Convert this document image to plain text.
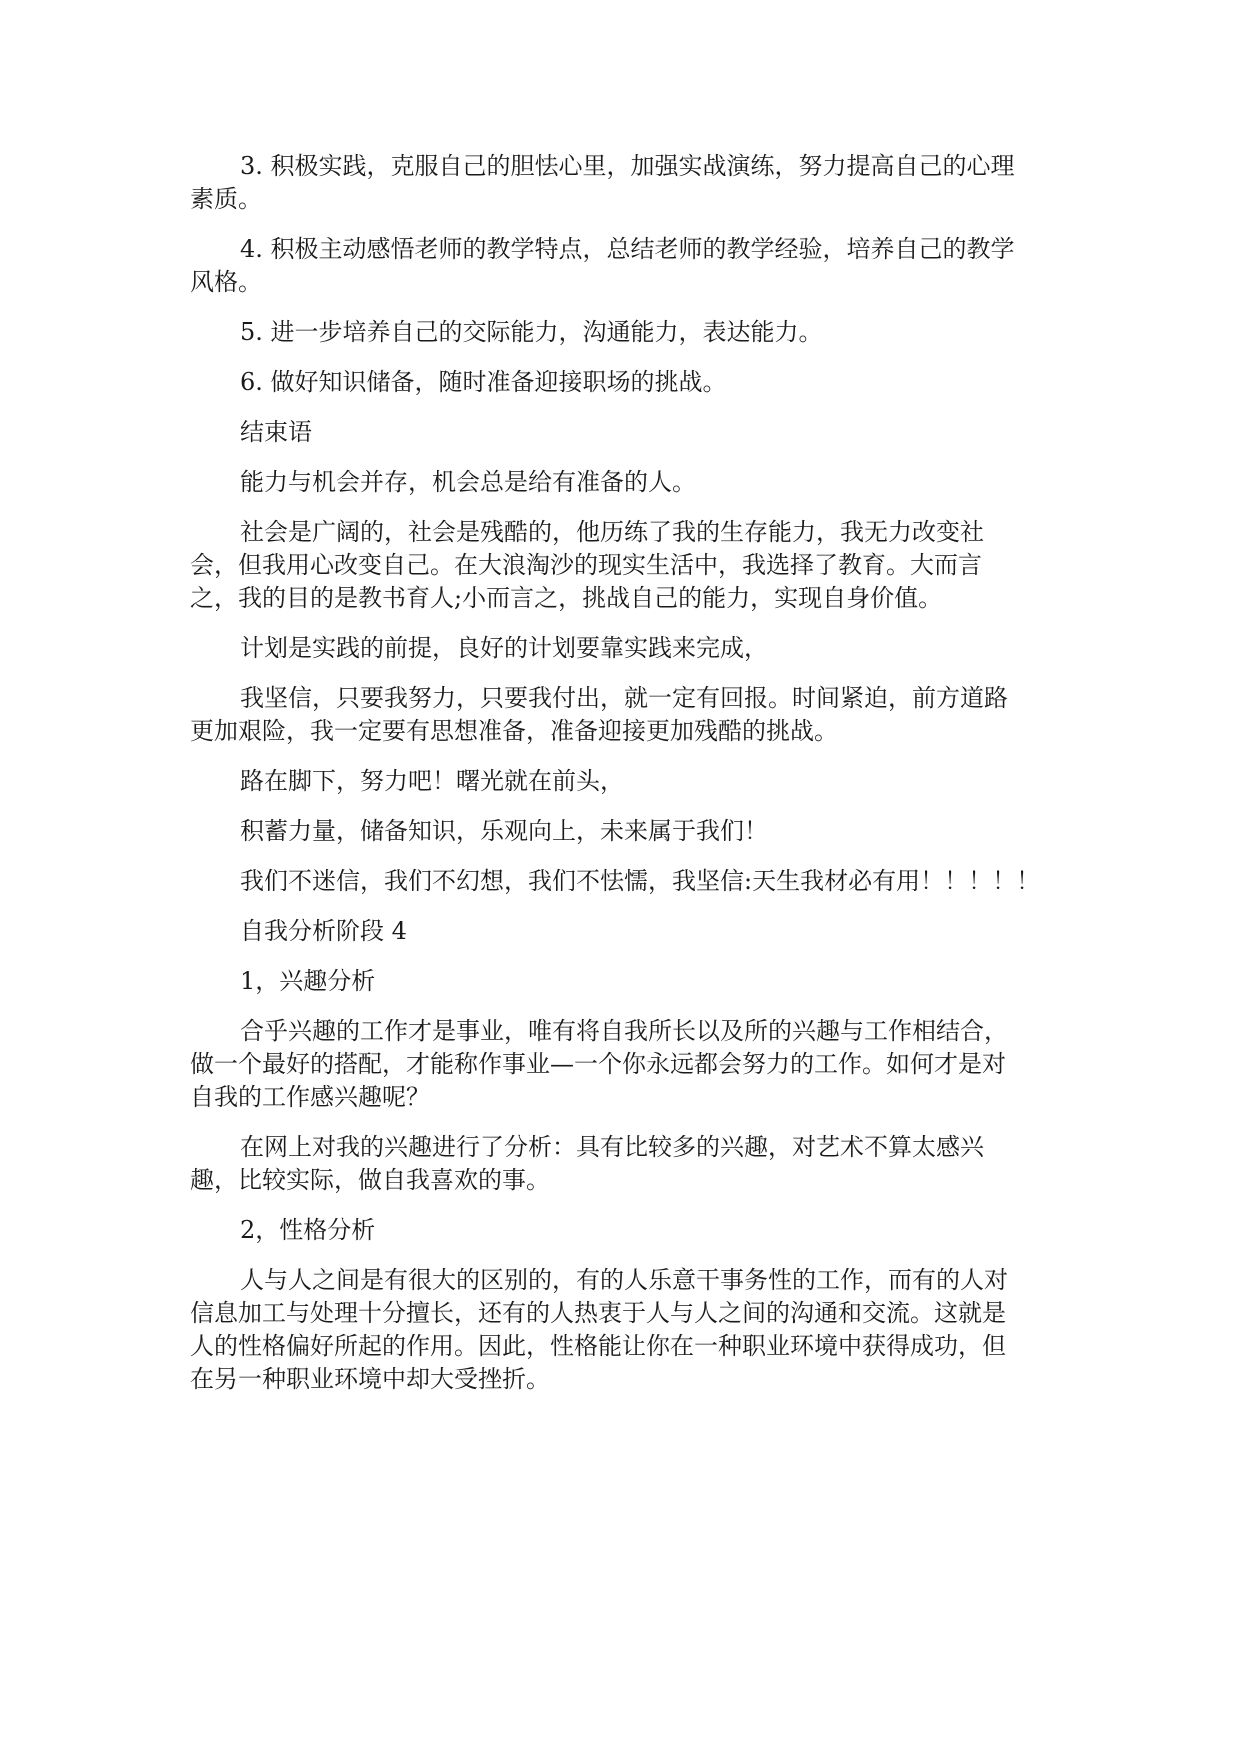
3. 积极实践，克服自己的胆怯心里，加强实战演练，努力提高自己的心理
素质。
4. 积极主动感悟老师的教学特点，总结老师的教学经验，培养自己的教学
风格。
5. 进一步培养自己的交际能力，沟通能力，表达能力。
6. 做好知识储备，随时准备迎接职场的挑战。
结束语
能力与机会并存，机会总是给有准备的人。
社会是广阔的，社会是残酷的，他历练了我的生存能力，我无力改变社
会，但我用心改变自己。在大浪淘沙的现实生活中，我选择了教育。大而言
之，我的目的是教书育人;小而言之，挑战自己的能力，实现自身价值。
计划是实践的前提，良好的计划要靠实践来完成，
我坚信，只要我努力，只要我付出，就一定有回报。时间紧迫，前方道路
更加艰险，我一定要有思想准备，准备迎接更加残酷的挑战。
路在脚下，努力吧！曙光就在前头，
积蓄力量，储备知识，乐观向上，未来属于我们！
我们不迷信，我们不幻想，我们不怯懦，我坚信:天生我材必有用！！！！！
自我分析阶段 4
1，兴趣分析
合乎兴趣的工作才是事业，唯有将自我所长以及所的兴趣与工作相结合，
做一个最好的搭配，才能称作事业—一个你永远都会努力的工作。如何才是对
自我的工作感兴趣呢？
在网上对我的兴趣进行了分析：具有比较多的兴趣，对艺术不算太感兴
趣，比较实际，做自我喜欢的事。
2，性格分析
人与人之间是有很大的区别的，有的人乐意干事务性的工作，而有的人对
信息加工与处理十分擅长，还有的人热衷于人与人之间的沟通和交流。这就是
人的性格偏好所起的作用。因此，性格能让你在一种职业环境中获得成功，但
在另一种职业环境中却大受挫折。
